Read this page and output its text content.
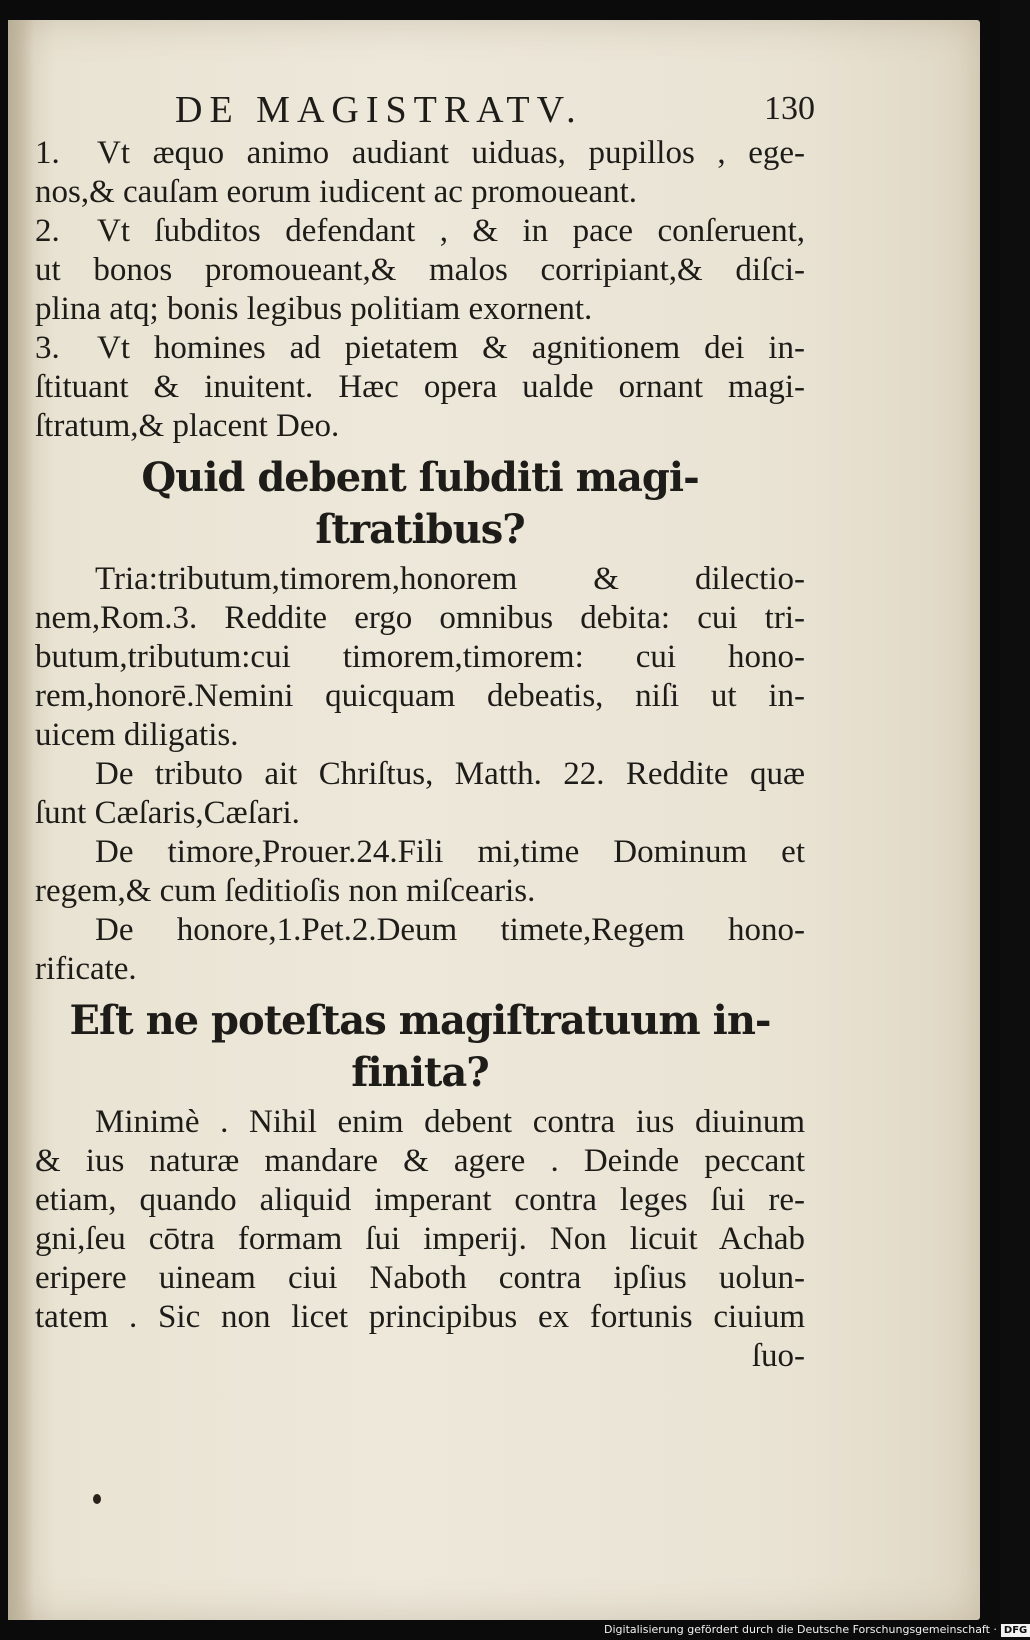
DE MAGISTRATV.	130
1. Vt æquo animo audiant uiduas, pupillos , ege-
nos,& cauſam eorum iudicent ac promoueant.
2. Vt ſubditos defendant , & in pace conſeruent,
ut bonos promoueant,& malos corripiant,& diſci-
plina atq; bonis legibus politiam exornent.
3. Vt homines ad pietatem & agnitionem dei in-
ſtituant & inuitent. Hæc opera ualde ornant magi-
ſtratum,& placent Deo.
Quid debent ſubditi magi-
ſtratibus?
Tria:tributum,timorem,honorem & dilectio-
nem,Rom.3. Reddite ergo omnibus debita: cui tri-
butum,tributum:cui timorem,timorem: cui hono-
rem,honorē.Nemini quicquam debeatis, niſi ut in-
uicem diligatis.
De tributo ait Chriſtus, Matth. 22. Reddite quæ
ſunt Cæſaris,Cæſari.
De timore,Prouer.24.Fili mi,time Dominum et
regem,& cum ſeditioſis non miſcearis.
De honore,1.Pet.2.Deum timete,Regem hono-
rificate.
Eſt ne poteſtas magiſtratuum in-
finita?
Minimè . Nihil enim debent contra ius diuinum
& ius naturæ mandare & agere . Deinde peccant
etiam, quando aliquid imperant contra leges ſui re-
gni,ſeu cōtra formam ſui imperij. Non licuit Achab
eripere uineam ciui Naboth contra ipſius uolun-
tatem . Sic non licet principibus ex fortunis ciuium
ſuo-
Digitalisierung gefördert durch die Deutsche Forschungsgemeinschaft · DFG
